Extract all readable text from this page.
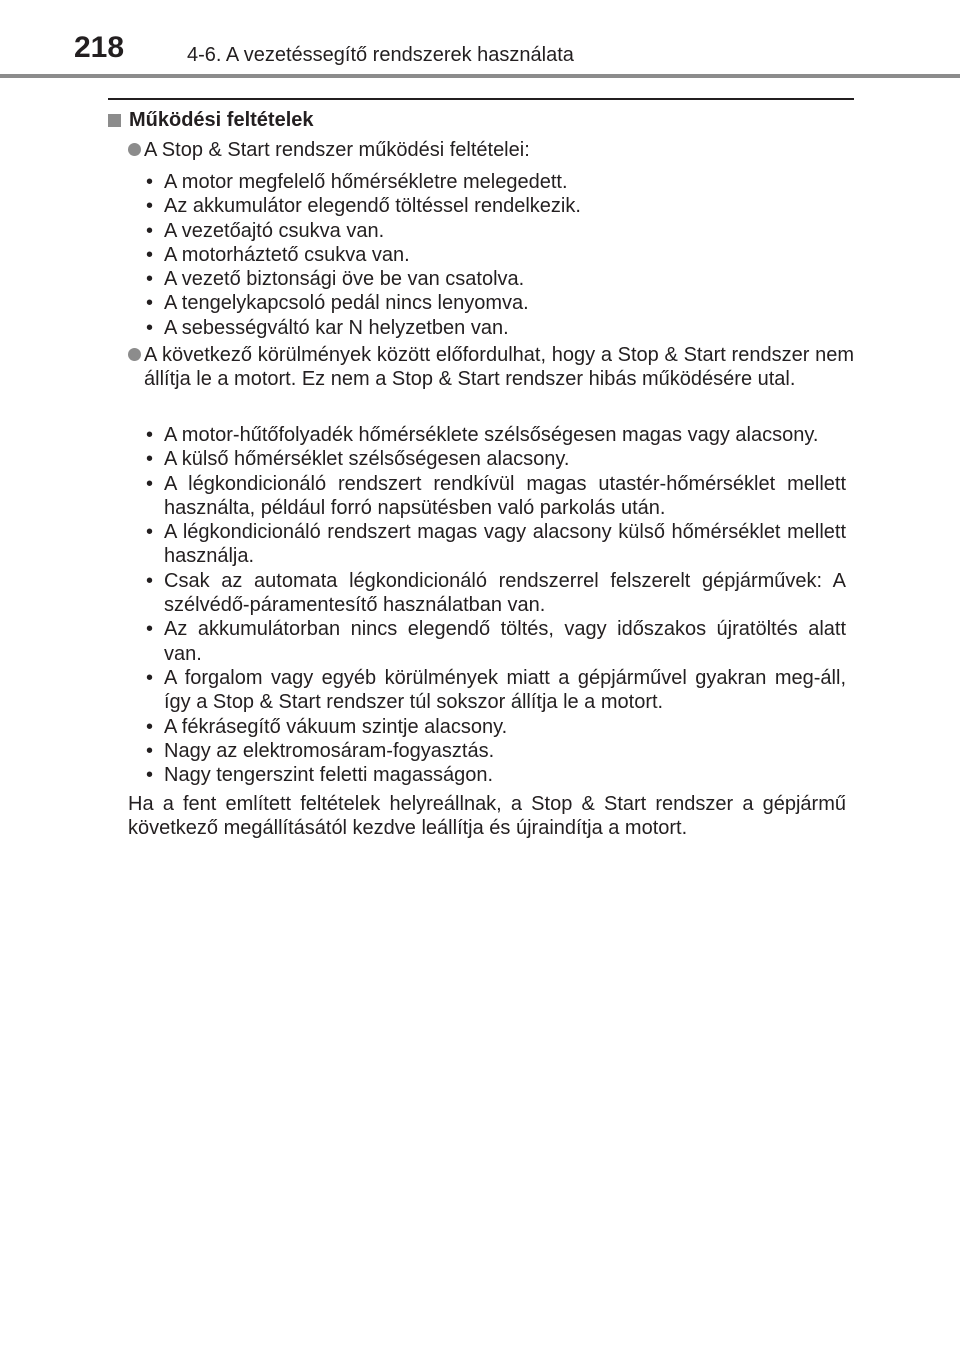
218	4-6. A vezetéssegítő rendszerek használata
Működési feltételek
A Stop & Start rendszer működési feltételei:
• A motor megfelelő hőmérsékletre melegedett.
• Az akkumulátor elegendő töltéssel rendelkezik.
• A vezetőajtó csukva van.
• A motorháztető csukva van.
• A vezető biztonsági öve be van csatolva.
• A tengelykapcsoló pedál nincs lenyomva.
• A sebességváltó kar N helyzetben van.
A következő körülmények között előfordulhat, hogy a Stop & Start rendszer nem állítja le a motort. Ez nem a Stop & Start rendszer hibás működésére utal.
• A motor-hűtőfolyadék hőmérséklete szélsőségesen magas vagy alacsony.
• A külső hőmérséklet szélsőségesen alacsony.
• A légkondicionáló rendszert rendkívül magas utastér-hőmérséklet mellett használta, például forró napsütésben való parkolás után.
• A légkondicionáló rendszert magas vagy alacsony külső hőmérséklet mellett használja.
• Csak az automata légkondicionáló rendszerrel felszerelt gépjárművek: A szélvédő-páramentesítő használatban van.
• Az akkumulátorban nincs elegendő töltés, vagy időszakos újratöltés alatt van.
• A forgalom vagy egyéb körülmények miatt a gépjárművel gyakran meg-áll, így a Stop & Start rendszer túl sokszor állítja le a motort.
• A fékrásegítő vákuum szintje alacsony.
• Nagy az elektromosáram-fogyasztás.
• Nagy tengerszint feletti magasságon.
Ha a fent említett feltételek helyreállnak, a Stop & Start rendszer a gépjármű következő megállításától kezdve leállítja és újraindítja a motort.
